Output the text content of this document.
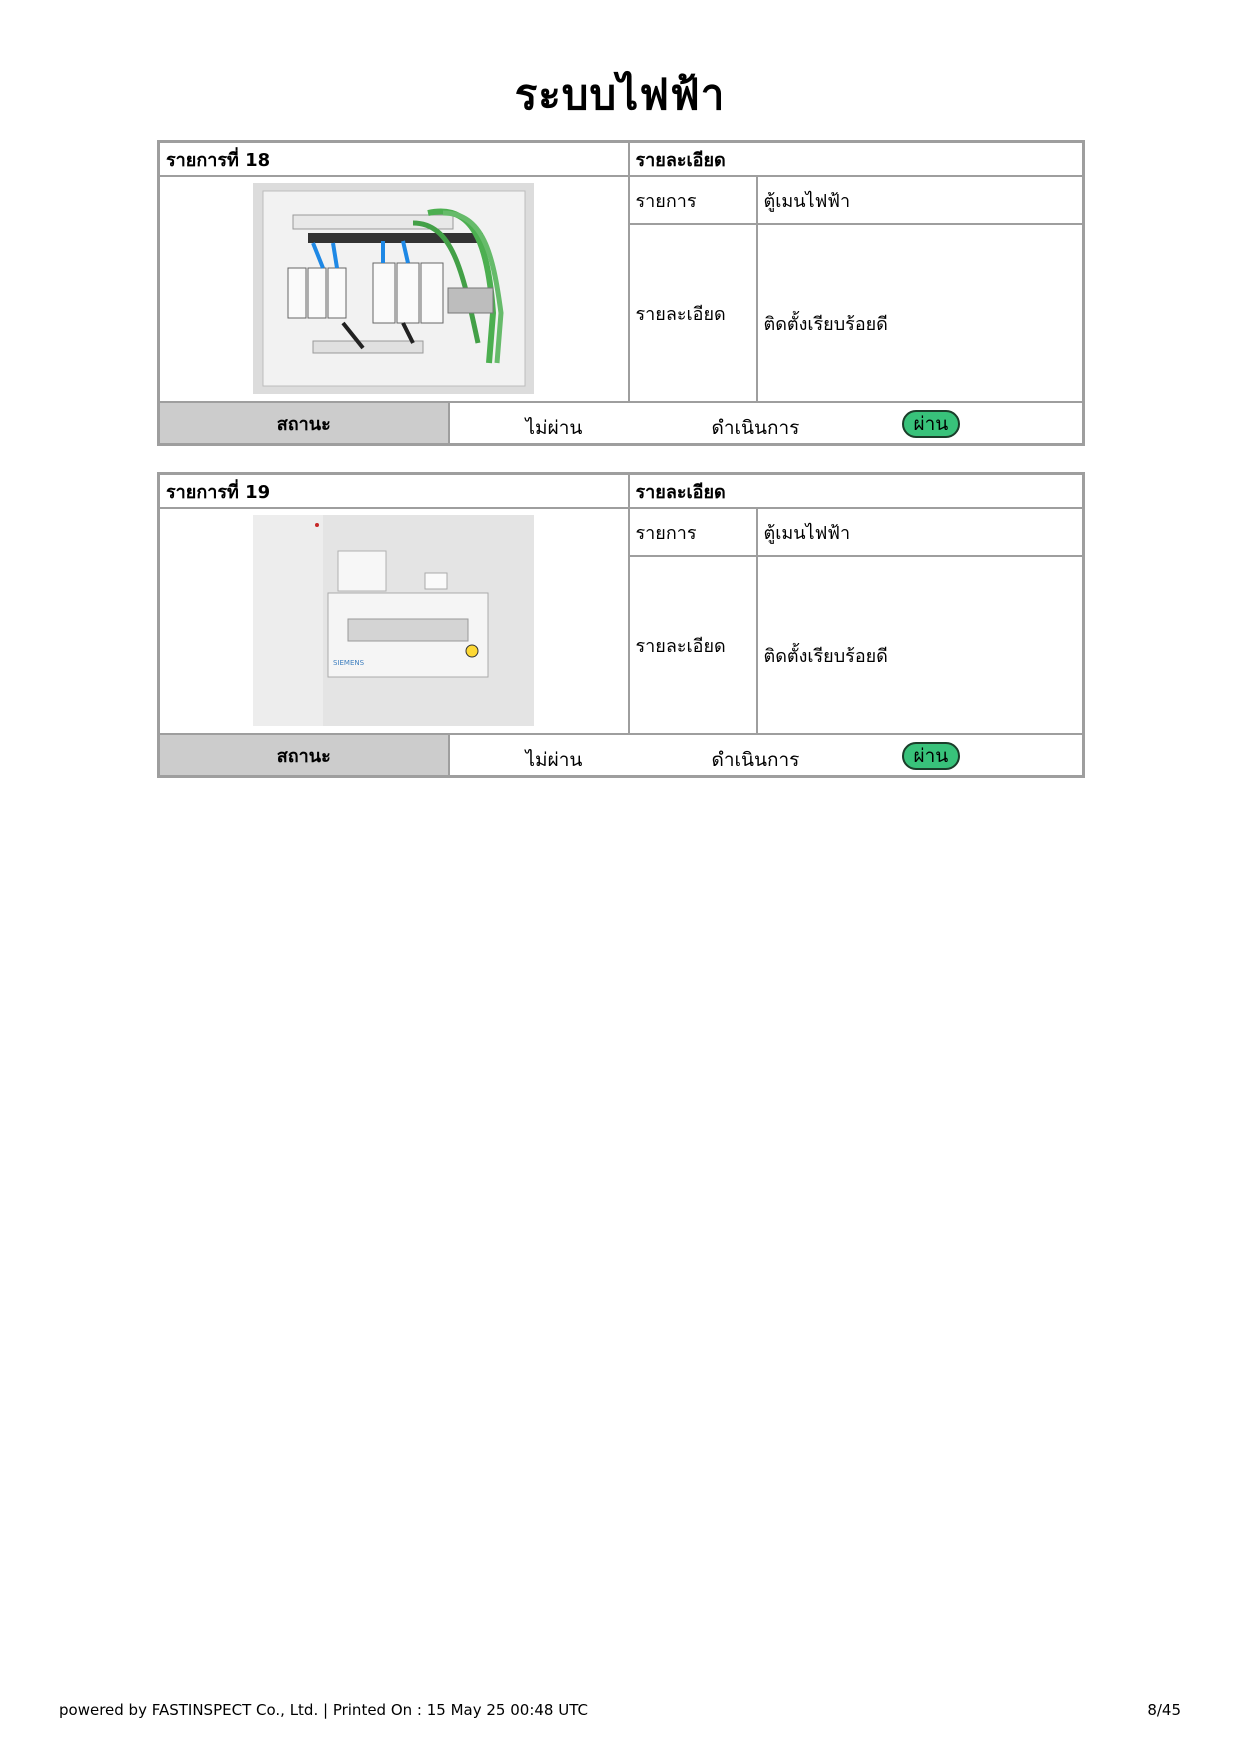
ระบบไฟฟ้า
รายการที่ 18		รายละเอียด	
	รายการ	ตู้เมนไฟฟ้า
		รายละเอียด	ติดตั้งเรียบร้อยดี
สถานะ	ไม่ผ่าน ดำเนินการ ผ่าน		
รายการที่ 19		รายละเอียด	

SIEMENS		รายการ	ตู้เมนไฟฟ้า
		รายละเอียด	ติดตั้งเรียบร้อยดี
สถานะ	ไม่ผ่าน ดำเนินการ ผ่าน		
powered by FASTINSPECT Co., Ltd. | Printed On : 15 May 25 00:48 UTC	8/45
